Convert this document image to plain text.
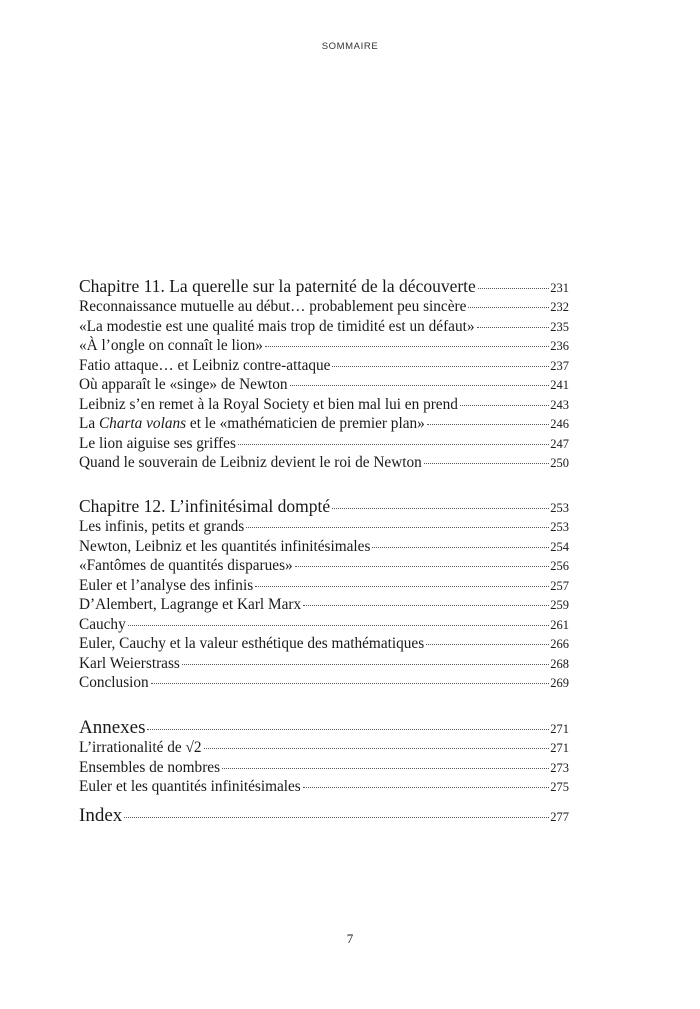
SOMMAIRE
Chapitre 11. La querelle sur la paternité de la découverte	231
Reconnaissance mutuelle au début… probablement peu sincère	232
«La modestie est une qualité mais trop de timidité est un défaut»	235
«À l’ongle on connaît le lion»	236
Fatio attaque… et Leibniz contre-attaque	237
Où apparaît le «singe» de Newton	241
Leibniz s’en remet à la Royal Society et bien mal lui en prend	243
La Charta volans et le «mathématicien de premier plan»	246
Le lion aiguise ses griffes	247
Quand le souverain de Leibniz devient le roi de Newton	250
Chapitre 12. L’infinitésimal dompté	253
Les infinis, petits et grands	253
Newton, Leibniz et les quantités infinitésimales	254
«Fantômes de quantités disparues»	256
Euler et l’analyse des infinis	257
D’Alembert, Lagrange et Karl Marx	259
Cauchy	261
Euler, Cauchy et la valeur esthétique des mathématiques	266
Karl Weierstrass	268
Conclusion	269
Annexes	271
L’irrationalité de √2	271
Ensembles de nombres	273
Euler et les quantités infinitésimales	275
Index	277
7
